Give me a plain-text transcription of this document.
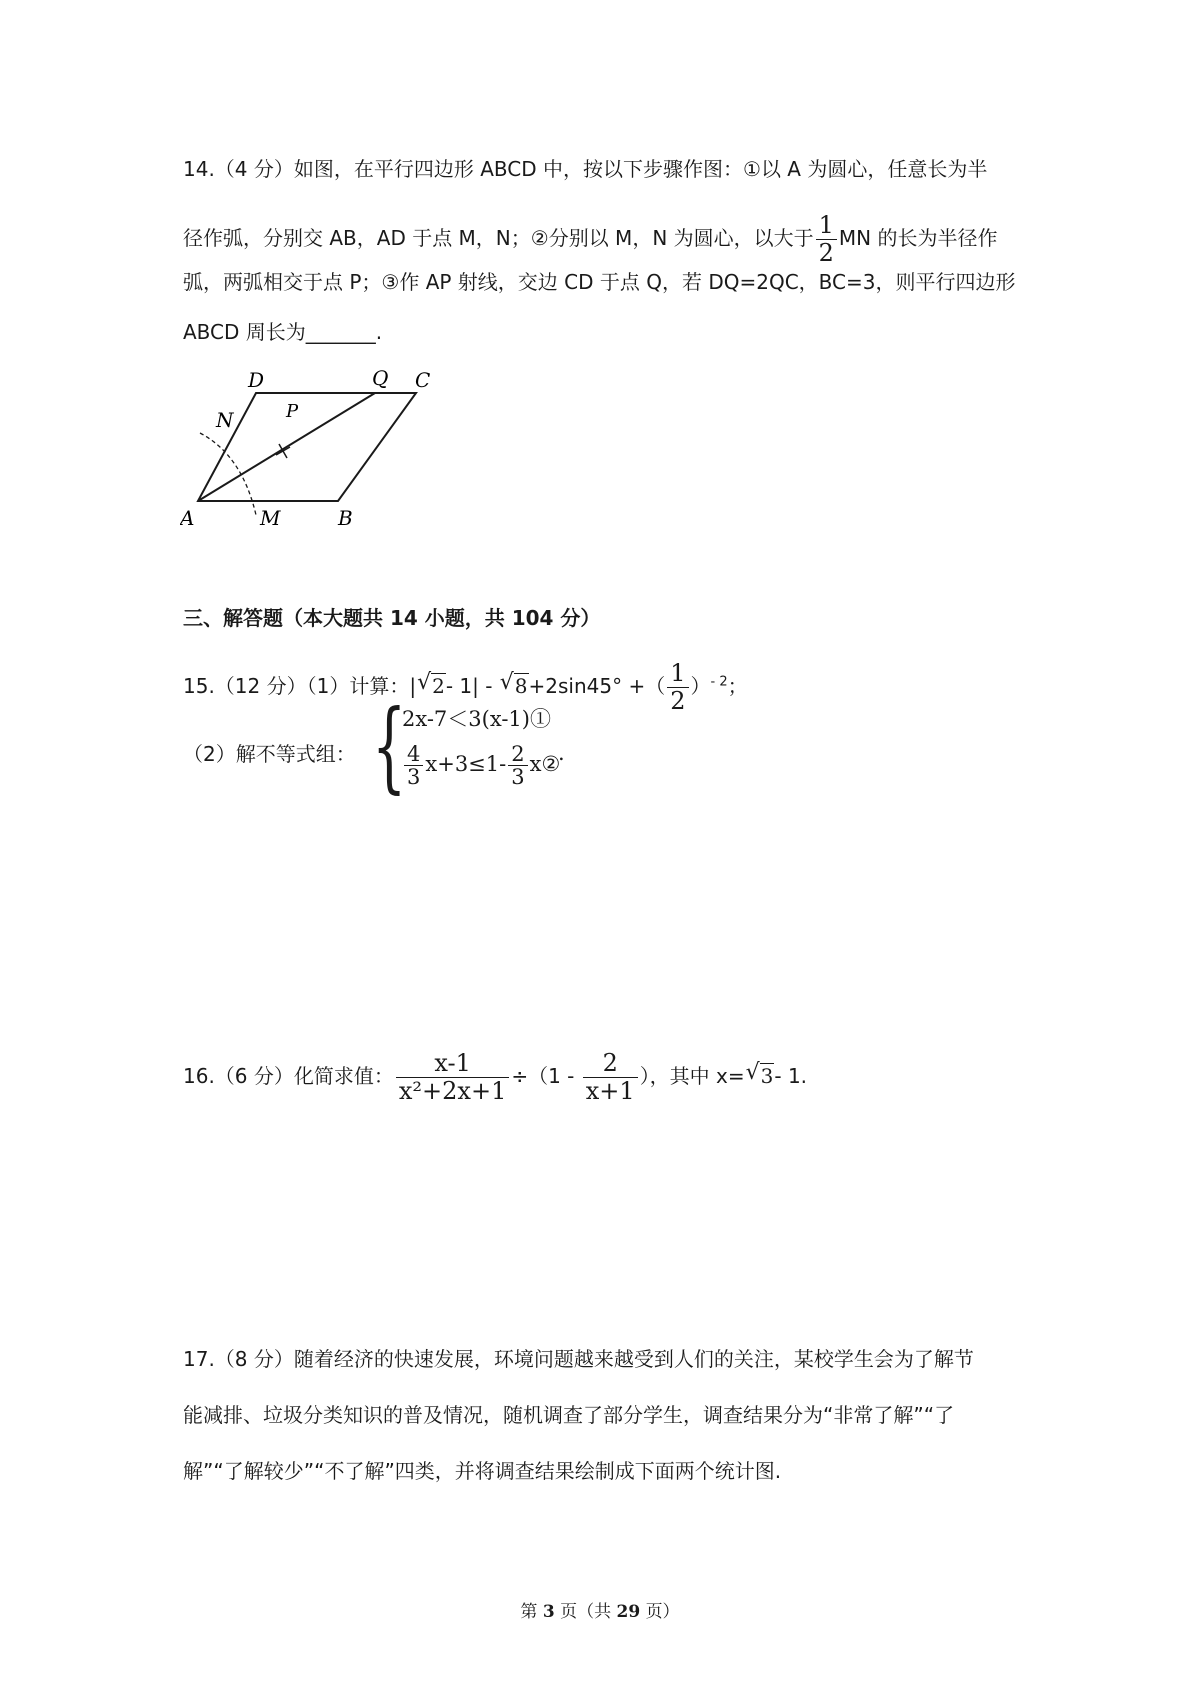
14.（4 分）如图，在平行四边形 ABCD 中，按以下步骤作图：①以 A 为圆心，任意长为半
径作弧，分别交 AB，AD 于点 M，N；②分别以 M，N 为圆心，以大于 $\frac{1}{2}$ MN 的长为半径作
弧，两弧相交于点 P；③作 AP 射线，交边 CD 于点 Q，若 DQ=2QC，BC=3，则平行四边形
ABCD 周长为_______.
A	B
C
D
M
N	P
Q
三、解答题（本大题共 14 小题，共 104 分）
15.（12 分）（1）计算：| √ 2- 1| - √ 8+2sin45° +（ $\frac{1}{2} )^{- 2}$；
（2）解不等式组： {
2x-7＜3(x-1)①
$\frac{4}{3} x+3\le 1- \frac{2}{3}$ x②
.
16.（6 分）化简求值： $\frac{x-1}{\text{x²+2x+1}} \div(1 - \frac{2}{x+1}$ ），其中 x= √ 3- 1.
17.（8 分）随着经济的快速发展，环境问题越来越受到人们的关注，某校学生会为了解节
能减排、垃圾分类知识的普及情况，随机调查了部分学生，调查结果分为“非常了解”“了
解”“了解较少”“不了解”四类，并将调查结果绘制成下面两个统计图.
第 3 页（共 29 页）
